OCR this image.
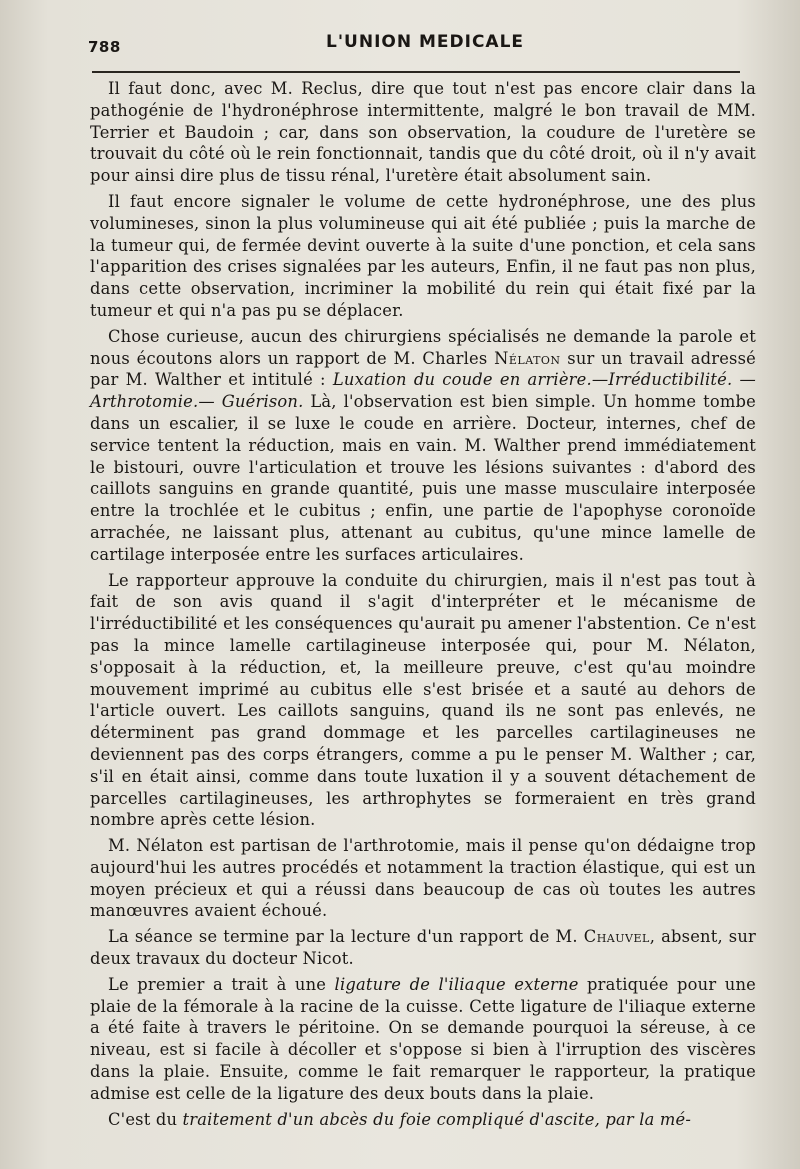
788	L'UNION MEDICALE

Il faut donc, avec M. Reclus, dire que tout n'est pas encore clair dans la pathogénie de l'hydronéphrose intermittente, malgré le bon travail de MM. Terrier et Baudoin ; car, dans son observation, la coudure de l'uretère se trouvait du côté où le rein fonctionnait, tandis que du côté droit, où il n'y avait pour ainsi dire plus de tissu rénal, l'uretère était absolument sain.

Il faut encore signaler le volume de cette hydronéphrose, une des plus volumineses, sinon la plus volumineuse qui ait été publiée ; puis la marche de la tumeur qui, de fermée devint ouverte à la suite d'une ponction, et cela sans l'apparition des crises signalées par les auteurs, Enfin, il ne faut pas non plus, dans cette observation, incriminer la mobilité du rein qui était fixé par la tumeur et qui n'a pas pu se déplacer.

Chose curieuse, aucun des chirurgiens spécialisés ne demande la parole et nous écoutons alors un rapport de M. Charles Nélaton sur un travail adressé par M. Walther et intitulé : Luxation du coude en arrière.—Irréductibilité. — Arthrotomie.— Guérison. Là, l'observation est bien simple. Un homme tombe dans un escalier, il se luxe le coude en arrière. Docteur, internes, chef de service tentent la réduction, mais en vain. M. Walther prend immédiatement le bistouri, ouvre l'articulation et trouve les lésions suivantes : d'abord des caillots sanguins en grande quantité, puis une masse musculaire interposée entre la trochlée et le cubitus ; enfin, une partie de l'apophyse coronoïde arrachée, ne laissant plus, attenant au cubitus, qu'une mince lamelle de cartilage interposée entre les surfaces articulaires.

Le rapporteur approuve la conduite du chirurgien, mais il n'est pas tout à fait de son avis quand il s'agit d'interpréter et le mécanisme de l'irréductibilité et les conséquences qu'aurait pu amener l'abstention. Ce n'est pas la mince lamelle cartilagineuse interposée qui, pour M. Nélaton, s'opposait à la réduction, et, la meilleure preuve, c'est qu'au moindre mouvement imprimé au cubitus elle s'est brisée et a sauté au dehors de l'article ouvert. Les caillots sanguins, quand ils ne sont pas enlevés, ne déterminent pas grand dommage et les parcelles cartilagineuses ne deviennent pas des corps étrangers, comme a pu le penser M. Walther ; car, s'il en était ainsi, comme dans toute luxation il y a souvent détachement de parcelles cartilagineuses, les arthrophytes se formeraient en très grand nombre après cette lésion.

M. Nélaton est partisan de l'arthrotomie, mais il pense qu'on dédaigne trop aujourd'hui les autres procédés et notamment la traction élastique, qui est un moyen précieux et qui a réussi dans beaucoup de cas où toutes les autres manœuvres avaient échoué.

La séance se termine par la lecture d'un rapport de M. Chauvel, absent, sur deux travaux du docteur Nicot.

Le premier a trait à une ligature de l'iliaque externe pratiquée pour une plaie de la fémorale à la racine de la cuisse. Cette ligature de l'iliaque externe a été faite à travers le péritoine. On se demande pourquoi la séreuse, à ce niveau, est si facile à décoller et s'oppose si bien à l'irruption des viscères dans la plaie. Ensuite, comme le fait remarquer le rapporteur, la pratique admise est celle de la ligature des deux bouts dans la plaie.

C'est du traitement d'un abcès du foie compliqué d'ascite, par la mé-
